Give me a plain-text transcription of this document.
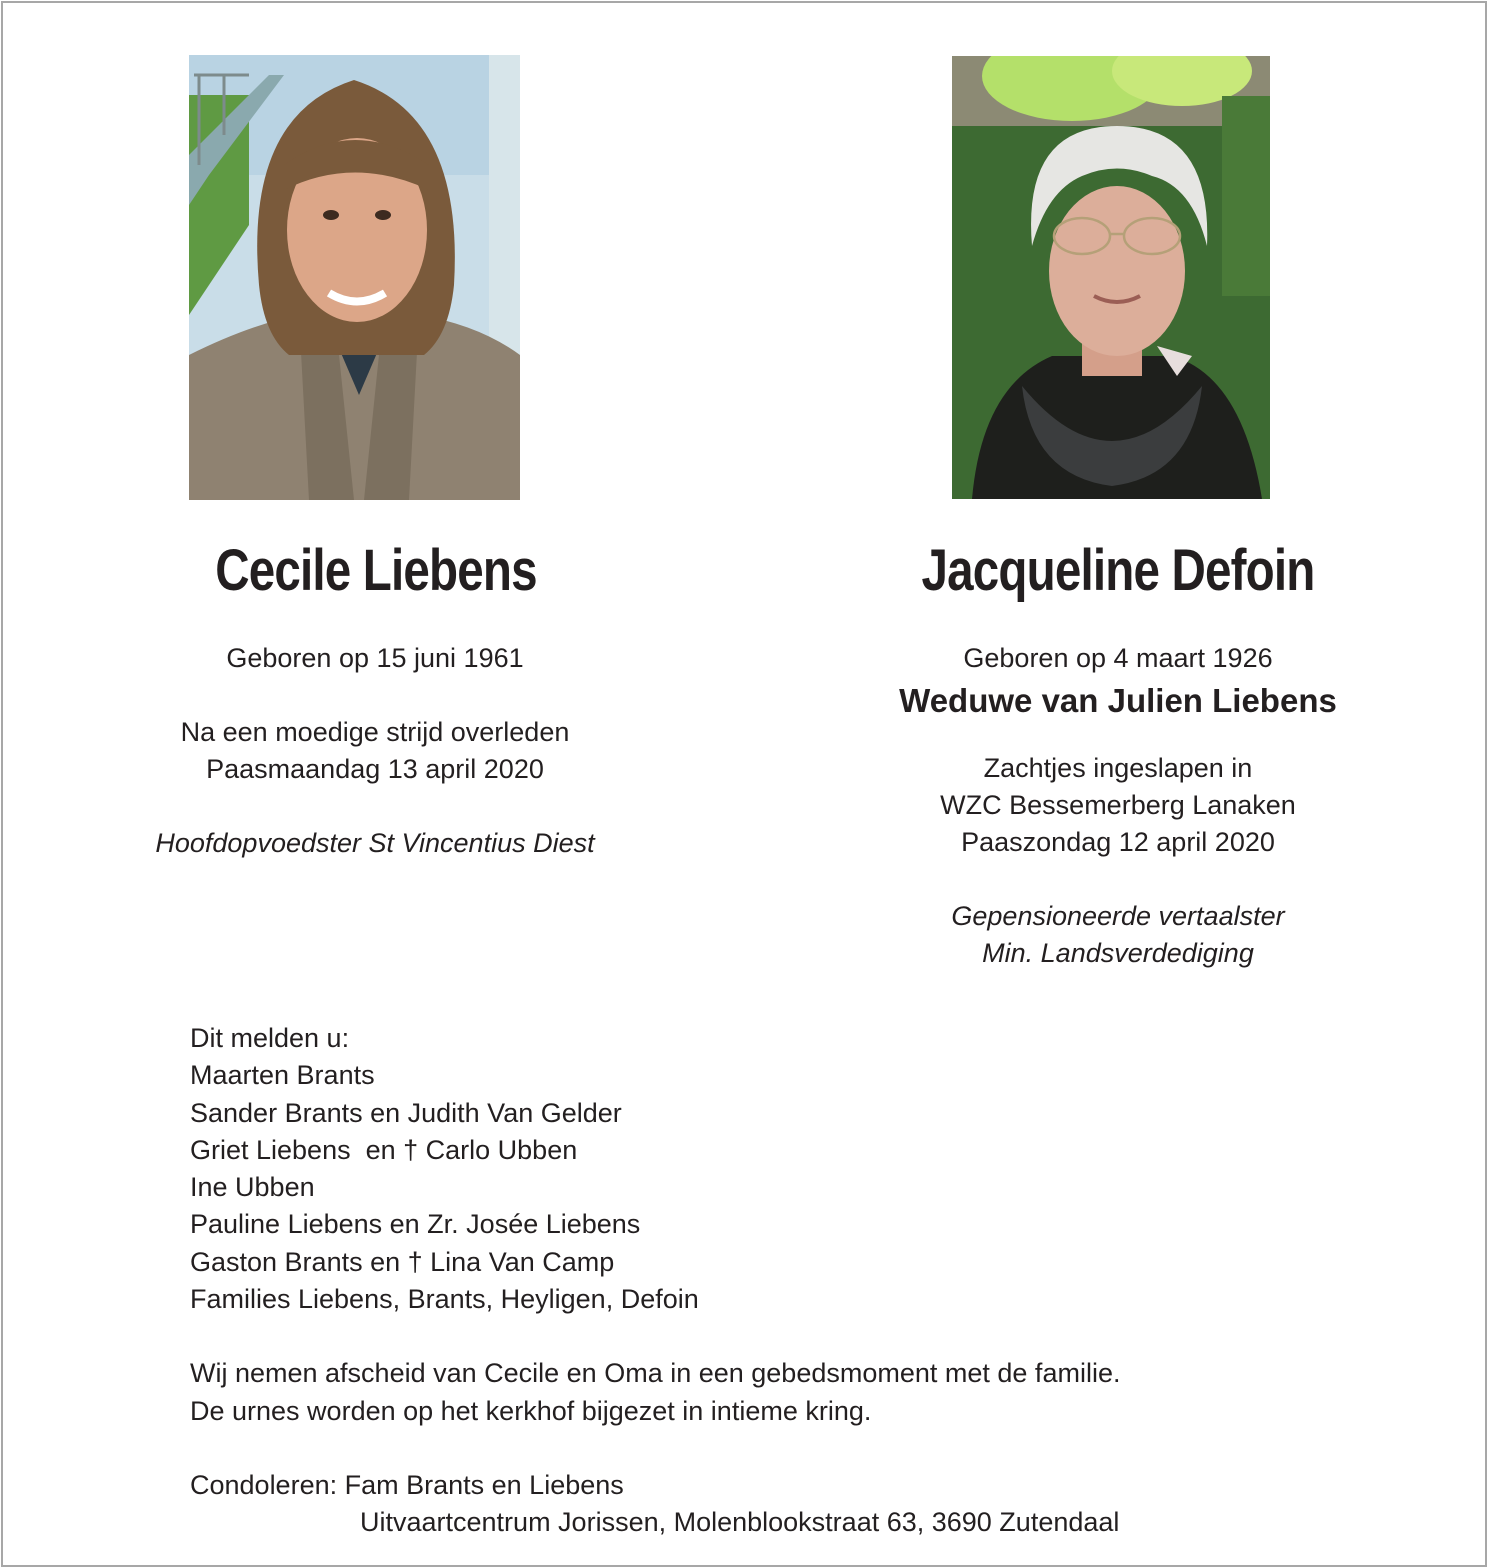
Cecile Liebens	Jacqueline Defoin

Geboren op 15 juni 1961

Na een moedige strijd overleden

Paasmaandag 13 april 2020

Hoofdopvoedster St Vincentius Diest

Geboren op 4 maart 1926

Weduwe van Julien Liebens

Zachtjes ingeslapen in

WZC Bessemerberg Lanaken

Paaszondag 12 april 2020

Gepensioneerde vertaalster

Min. Landsverdediging

Dit melden u:

Maarten Brants

Sander Brants en Judith Van Gelder

Griet Liebens  en † Carlo Ubben

Ine Ubben

Pauline Liebens en Zr. Josée Liebens

Gaston Brants en † Lina Van Camp

Families Liebens, Brants, Heyligen, Defoin

Wij nemen afscheid van Cecile en Oma in een gebedsmoment met de familie.

De urnes worden op het kerkhof bijgezet in intieme kring.

Condoleren: Fam Brants en Liebens

Uitvaartcentrum Jorissen, Molenblookstraat 63, 3690 Zutendaal
